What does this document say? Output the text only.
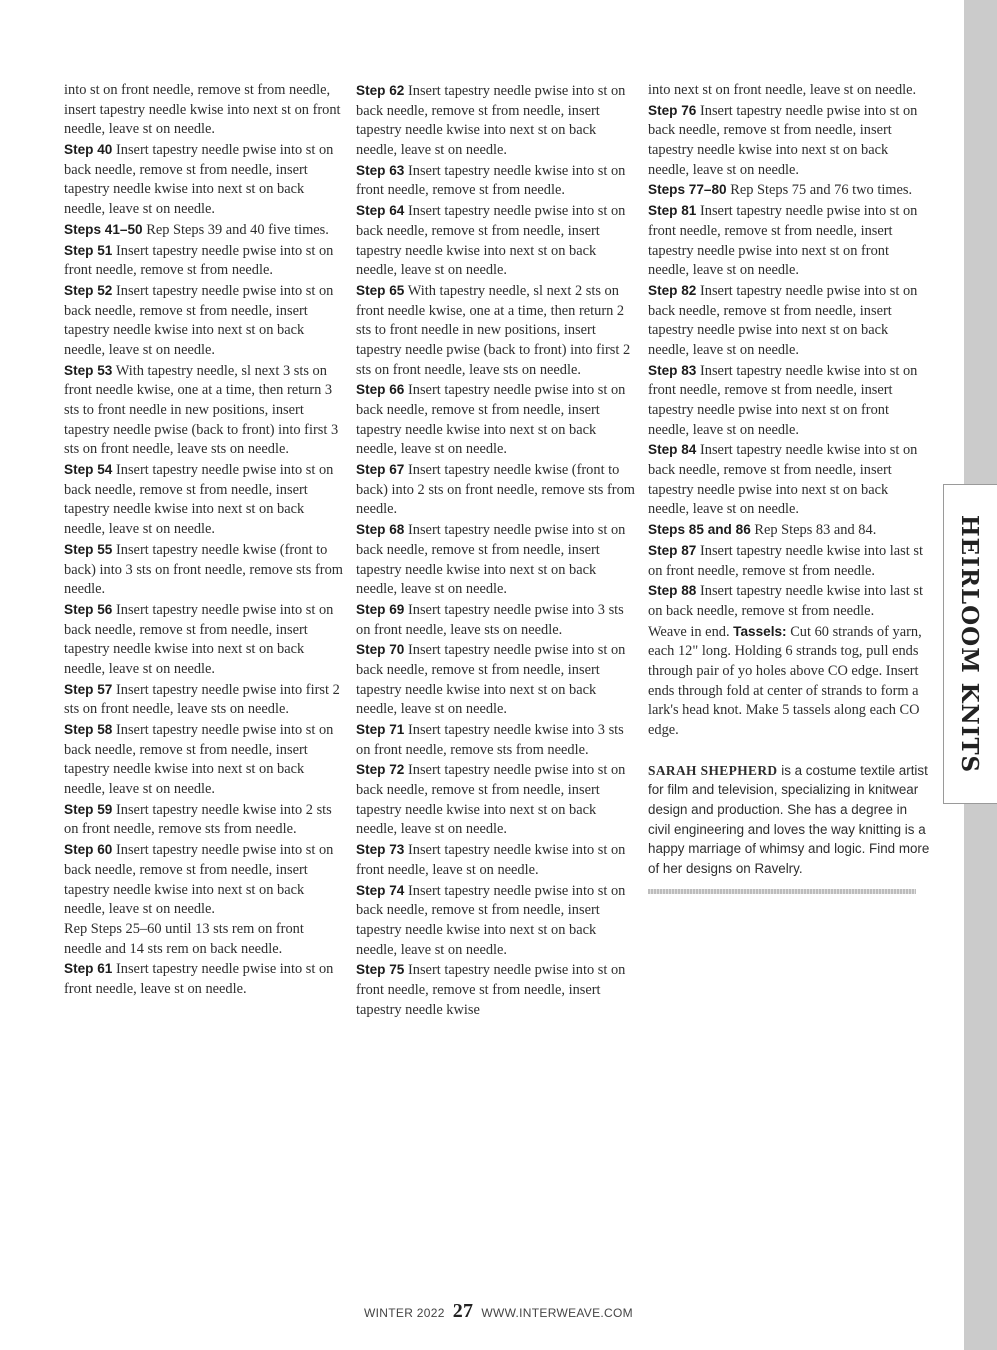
HEIRLOOM KNITS

into st on front needle, remove st from needle, insert tapestry needle kwise into next st on front needle, leave st on needle.

Step 40 Insert tapestry needle pwise into st on back needle, remove st from needle, insert tapestry needle kwise into next st on back needle, leave st on needle.

Steps 41–50 Rep Steps 39 and 40 five times.

Step 51 Insert tapestry needle pwise into st on front needle, remove st from needle.

Step 52 Insert tapestry needle pwise into st on back needle, remove st from needle, insert tapestry needle kwise into next st on back needle, leave st on needle.

Step 53 With tapestry needle, sl next 3 sts on front needle kwise, one at a time, then return 3 sts to front needle in new positions, insert tapestry needle pwise (back to front) into first 3 sts on front needle, leave sts on needle.

Step 54 Insert tapestry needle pwise into st on back needle, remove st from needle, insert tapestry needle kwise into next st on back needle, leave st on needle.

Step 55 Insert tapestry needle kwise (front to back) into 3 sts on front needle, remove sts from needle.

Step 56 Insert tapestry needle pwise into st on back needle, remove st from needle, insert tapestry needle kwise into next st on back needle, leave st on needle.

Step 57 Insert tapestry needle pwise into first 2 sts on front needle, leave sts on needle.

Step 58 Insert tapestry needle pwise into st on back needle, remove st from needle, insert tapestry needle kwise into next st on back needle, leave st on needle.

Step 59 Insert tapestry needle kwise into 2 sts on front needle, remove sts from needle.

Step 60 Insert tapestry needle pwise into st on back needle, remove st from needle, insert tapestry needle kwise into next st on back needle, leave st on needle.

Rep Steps 25–60 until 13 sts rem on front needle and 14 sts rem on back needle.

Step 61 Insert tapestry needle pwise into st on front needle, leave st on needle.

Step 62 Insert tapestry needle pwise into st on back needle, remove st from needle, insert tapestry needle kwise into next st on back needle, leave st on needle.

Step 63 Insert tapestry needle kwise into st on front needle, remove st from needle.

Step 64 Insert tapestry needle pwise into st on back needle, remove st from needle, insert tapestry needle kwise into next st on back needle, leave st on needle.

Step 65 With tapestry needle, sl next 2 sts on front needle kwise, one at a time, then return 2 sts to front needle in new positions, insert tapestry needle pwise (back to front) into first 2 sts on front needle, leave sts on needle.

Step 66 Insert tapestry needle pwise into st on back needle, remove st from needle, insert tapestry needle kwise into next st on back needle, leave st on needle.

Step 67 Insert tapestry needle kwise (front to back) into 2 sts on front needle, remove sts from needle.

Step 68 Insert tapestry needle pwise into st on back needle, remove st from needle, insert tapestry needle kwise into next st on back needle, leave st on needle.

Step 69 Insert tapestry needle pwise into 3 sts on front needle, leave sts on needle.

Step 70 Insert tapestry needle pwise into st on back needle, remove st from needle, insert tapestry needle kwise into next st on back needle, leave st on needle.

Step 71 Insert tapestry needle kwise into 3 sts on front needle, remove sts from needle.

Step 72 Insert tapestry needle pwise into st on back needle, remove st from needle, insert tapestry needle kwise into next st on back needle, leave st on needle.

Step 73 Insert tapestry needle kwise into st on front needle, leave st on needle.

Step 74 Insert tapestry needle pwise into st on back needle, remove st from needle, insert tapestry needle kwise into next st on back needle, leave st on needle.

Step 75 Insert tapestry needle pwise into st on front needle, remove st from needle, insert tapestry needle kwise

into next st on front needle, leave st on needle.

Step 76 Insert tapestry needle pwise into st on back needle, remove st from needle, insert tapestry needle kwise into next st on back needle, leave st on needle.

Steps 77–80 Rep Steps 75 and 76 two times.

Step 81 Insert tapestry needle pwise into st on front needle, remove st from needle, insert tapestry needle pwise into next st on front needle, leave st on needle.

Step 82 Insert tapestry needle pwise into st on back needle, remove st from needle, insert tapestry needle pwise into next st on back needle, leave st on needle.

Step 83 Insert tapestry needle kwise into st on front needle, remove st from needle, insert tapestry needle pwise into next st on front needle, leave st on needle.

Step 84 Insert tapestry needle kwise into st on back needle, remove st from needle, insert tapestry needle pwise into next st on back needle, leave st on needle.

Steps 85 and 86 Rep Steps 83 and 84.

Step 87 Insert tapestry needle kwise into last st on front needle, remove st from needle.

Step 88 Insert tapestry needle kwise into last st on back needle, remove st from needle.

Weave in end. Tassels: Cut 60 strands of yarn, each 12" long. Holding 6 strands tog, pull ends through pair of yo holes above CO edge. Insert ends through fold at center of strands to form a lark's head knot. Make 5 tassels along each CO edge.

SARAH SHEPHERD is a costume textile artist for film and television, specializing in knitwear design and production. She has a degree in civil engineering and loves the way knitting is a happy marriage of whimsy and logic. Find more of her designs on Ravelry.

WINTER 2022 27 WWW.INTERWEAVE.COM
